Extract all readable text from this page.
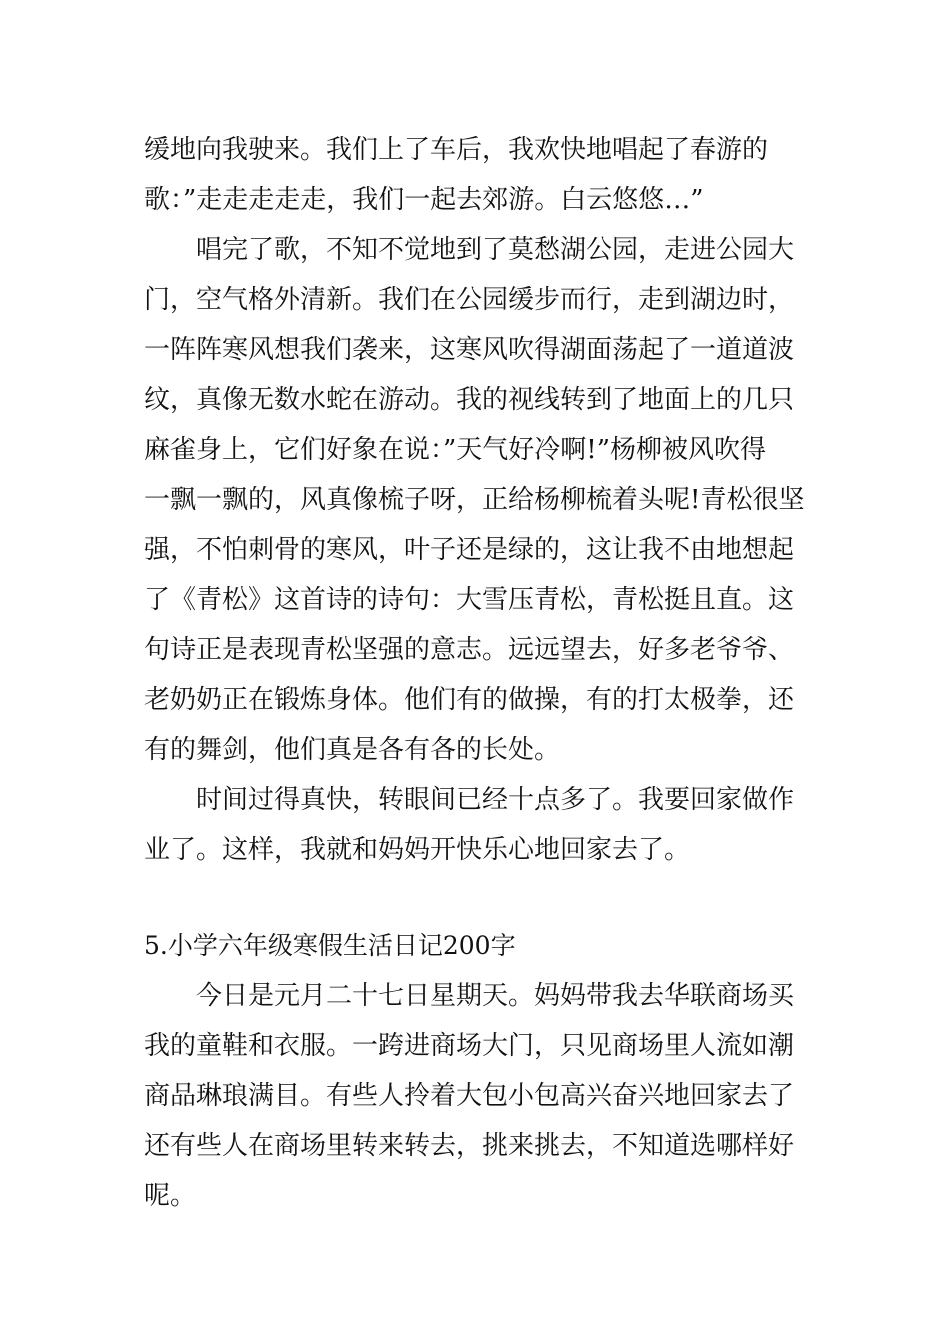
缓地向我驶来。我们上了车后，我欢快地唱起了春游的
歌：”走走走走走，我们一起去郊游。白云悠悠…”
唱完了歌，不知不觉地到了莫愁湖公园，走进公园大
门，空气格外清新。我们在公园缓步而行，走到湖边时，
一阵阵寒风想我们袭来，这寒风吹得湖面荡起了一道道波
纹，真像无数水蛇在游动。我的视线转到了地面上的几只
麻雀身上，它们好象在说：”天气好冷啊!”杨柳被风吹得
一飘一飘的，风真像梳子呀，正给杨柳梳着头呢!青松很坚
强，不怕刺骨的寒风，叶子还是绿的，这让我不由地想起
了《青松》这首诗的诗句：大雪压青松，青松挺且直。这
句诗正是表现青松坚强的意志。远远望去，好多老爷爷、
老奶奶正在锻炼身体。他们有的做操，有的打太极拳，还
有的舞剑，他们真是各有各的长处。
时间过得真快，转眼间已经十点多了。我要回家做作
业了。这样，我就和妈妈开快乐心地回家去了。
5.小学六年级寒假生活日记200字
今日是元月二十七日星期天。妈妈带我去华联商场买
我的童鞋和衣服。一跨进商场大门，只见商场里人流如潮
商品琳琅满目。有些人拎着大包小包高兴奋兴地回家去了
还有些人在商场里转来转去，挑来挑去，不知道选哪样好
呢。
